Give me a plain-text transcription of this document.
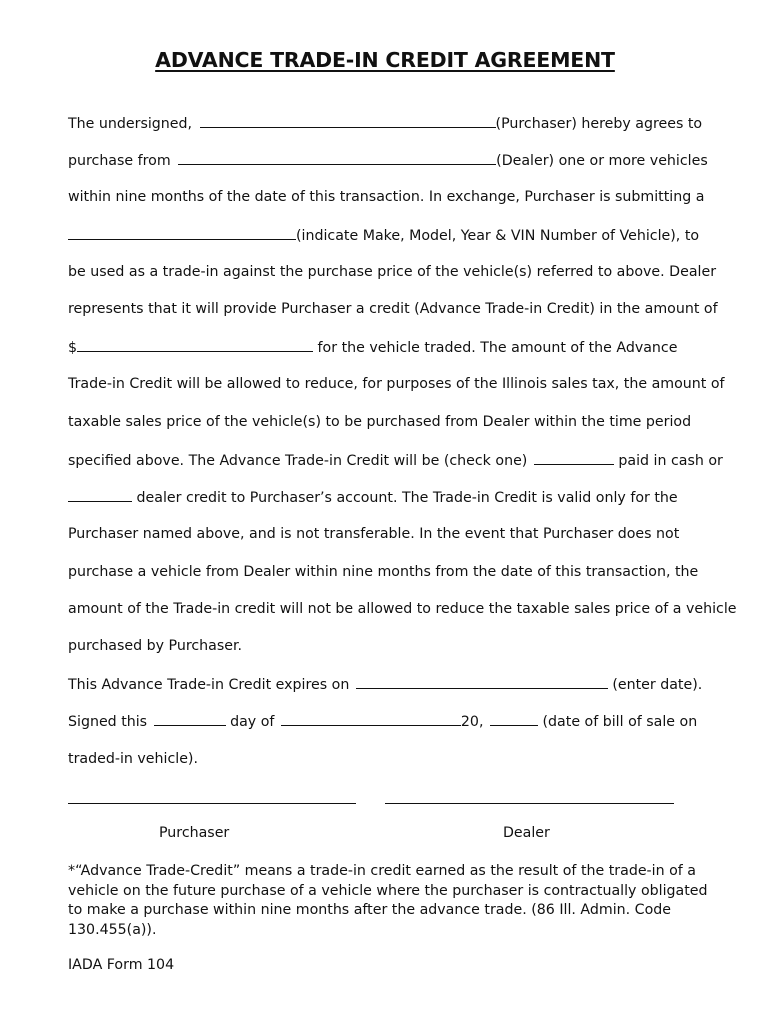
ADVANCE TRADE-IN CREDIT AGREEMENT
The undersigned,	(Purchaser) hereby agrees to
purchase from	(Dealer) one or more vehicles
within nine months of the date of this transaction. In exchange, Purchaser is submitting a
(indicate Make, Model, Year & VIN Number of Vehicle), to
be used as a trade-in against the purchase price of the vehicle(s) referred to above. Dealer
represents that it will provide Purchaser a credit (Advance Trade-in Credit) in the amount of
$	for the vehicle traded. The amount of the Advance
Trade-in Credit will be allowed to reduce, for purposes of the Illinois sales tax, the amount of
taxable sales price of the vehicle(s) to be purchased from Dealer within the time period
specified above. The Advance Trade-in Credit will be (check one)	paid in cash or
dealer credit to Purchaser’s account. The Trade-in Credit is valid only for the
Purchaser named above, and is not transferable. In the event that Purchaser does not
purchase a vehicle from Dealer within nine months from the date of this transaction, the
amount of the Trade-in credit will not be allowed to reduce the taxable sales price of a vehicle
purchased by Purchaser.
This Advance Trade-in Credit expires on	(enter date).
Signed this	day of	20,	(date of bill of sale on
traded-in vehicle).
Purchaser	Dealer
*“Advance Trade-Credit” means a trade-in credit earned as the result of the trade-in of a vehicle on the future purchase of a vehicle where the purchaser is contractually obligated to make a purchase within nine months after the advance trade. (86 Ill. Admin. Code 130.455(a)).
IADA Form 104
